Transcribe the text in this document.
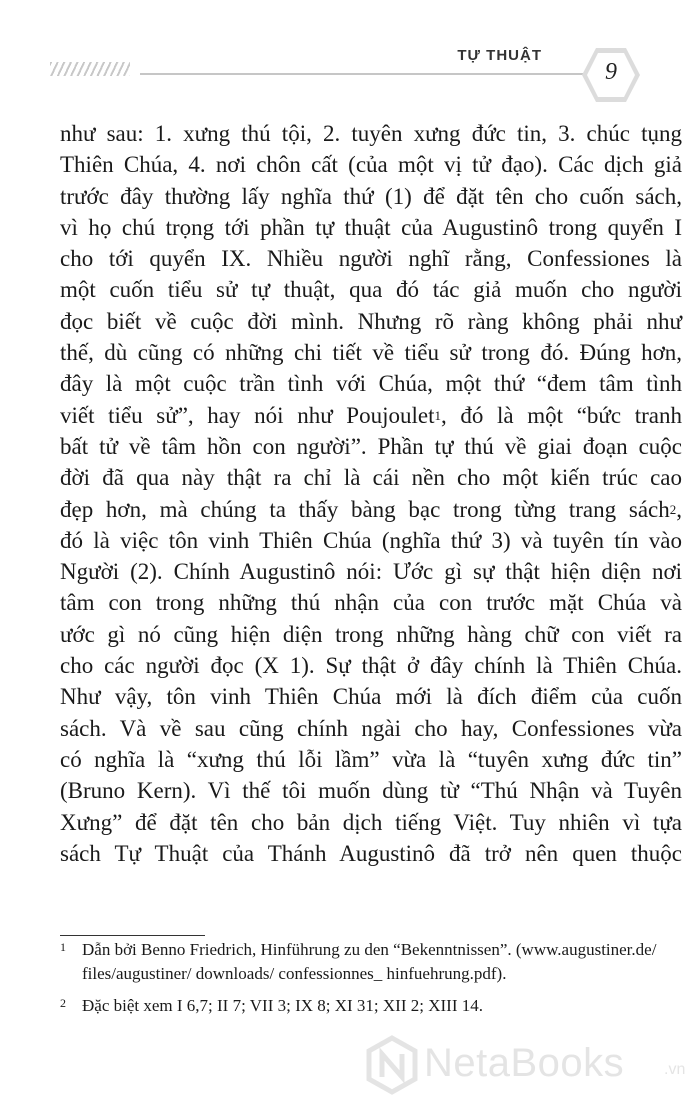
TỰ THUẬT
9
như sau: 1. xưng thú tội, 2. tuyên xưng đức tin, 3. chúc tụng
Thiên Chúa, 4. nơi chôn cất (của một vị tử đạo). Các dịch giả
trước đây thường lấy nghĩa thứ (1) để đặt tên cho cuốn sách,
vì họ chú trọng tới phần tự thuật của Augustinô trong quyển I
cho tới quyển IX. Nhiều người nghĩ rằng, Confessiones là
một cuốn tiểu sử tự thuật, qua đó tác giả muốn cho người
đọc biết về cuộc đời mình. Nhưng rõ ràng không phải như
thế, dù cũng có những chi tiết về tiểu sử trong đó. Đúng hơn,
đây là một cuộc trần tình với Chúa, một thứ “đem tâm tình
viết tiểu sử”, hay nói như Poujoulet$^1$, đó là một “bức tranh
bất tử về tâm hồn con người”. Phần tự thú về giai đoạn cuộc
đời đã qua này thật ra chỉ là cái nền cho một kiến trúc cao
đẹp hơn, mà chúng ta thấy bàng bạc trong từng trang sách$^2$,
đó là việc tôn vinh Thiên Chúa (nghĩa thứ 3) và tuyên tín vào
Người (2). Chính Augustinô nói: Ước gì sự thật hiện diện nơi
tâm con trong những thú nhận của con trước mặt Chúa và
ước gì nó cũng hiện diện trong những hàng chữ con viết ra
cho các người đọc (X 1). Sự thật ở đây chính là Thiên Chúa.
Như vậy, tôn vinh Thiên Chúa mới là đích điểm của cuốn
sách. Và về sau cũng chính ngài cho hay, Confessiones vừa
có nghĩa là “xưng thú lỗi lầm” vừa là “tuyên xưng đức tin”
(Bruno Kern). Vì thế tôi muốn dùng từ “Thú Nhận và Tuyên
Xưng” để đặt tên cho bản dịch tiếng Việt. Tuy nhiên vì tựa
sách Tự Thuật của Thánh Augustinô đã trở nên quen thuộc
1 Dẫn bởi Benno Friedrich, Hinführung zu den “Bekenntnissen”. (www.augustiner.de/ files/augustiner/ downloads/ confessionnes_ hinfuehrung.pdf).
2 Đặc biệt xem I 6,7; II 7; VII 3; IX 8; XI 31; XII 2; XIII 14.
NetaBooks .vn
